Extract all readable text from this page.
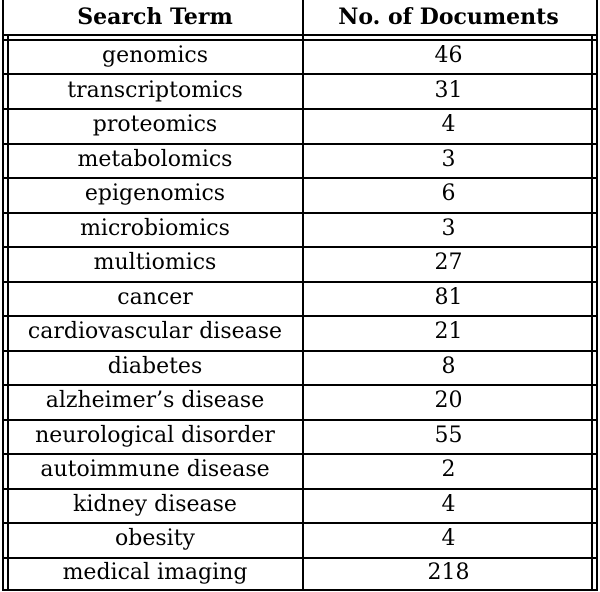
Search Term	No. of Documents
genomics	46
transcriptomics	31
proteomics	4
metabolomics	3
epigenomics	6
microbiomics	3
multiomics	27
cancer	81
cardiovascular disease	21
diabetes	8
alzheimer’s disease	20
neurological disorder	55
autoimmune disease	2
kidney disease	4
obesity	4
medical imaging	218
